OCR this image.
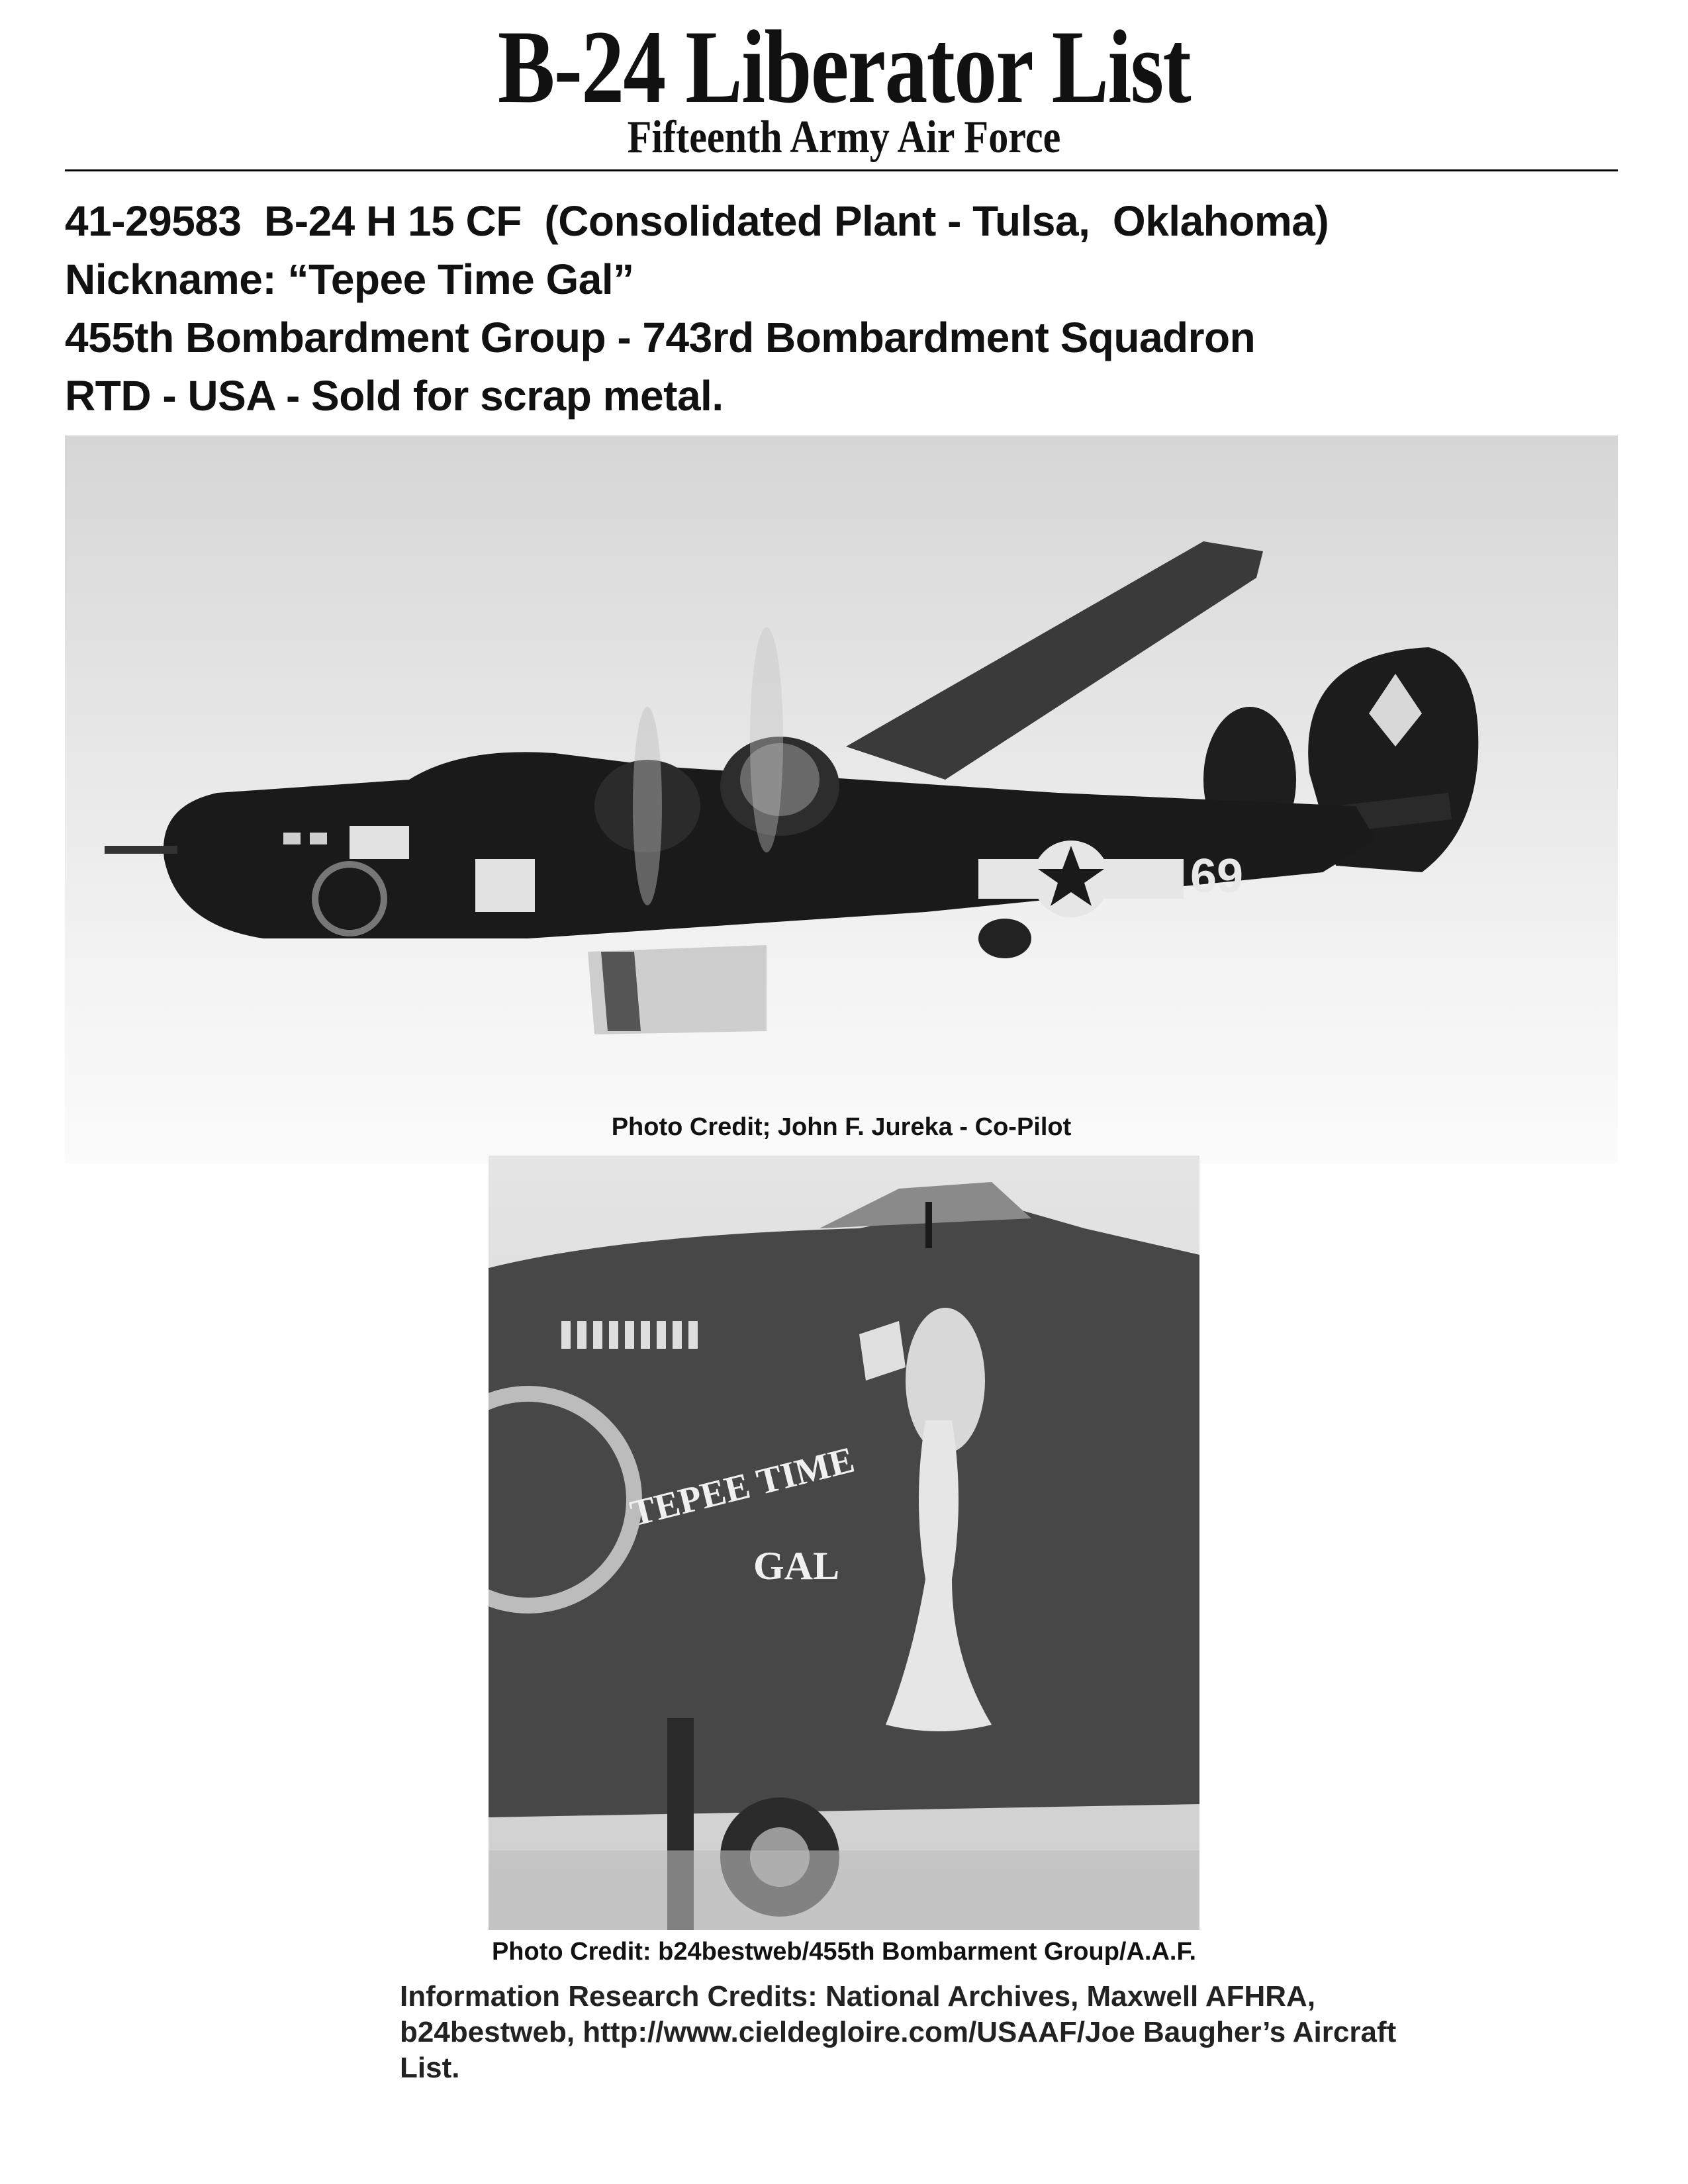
B-24 Liberator List
Fifteenth Army Air Force
41-29583  B-24 H 15 CF  (Consolidated Plant - Tulsa,  Oklahoma)
Nickname: “Tepee Time Gal”
455th Bombardment Group - 743rd Bombardment Squadron
RTD - USA - Sold for scrap metal.
69
Photo Credit; John F. Jureka - Co-Pilot
TEPEE TIME
GAL
Photo Credit: b24bestweb/455th Bombarment Group/A.A.F.
Information Research Credits: National Archives, Maxwell AFHRA, b24bestweb, http://www.cieldegloire.com/USAAF/Joe Baugher’s Aircraft List.
